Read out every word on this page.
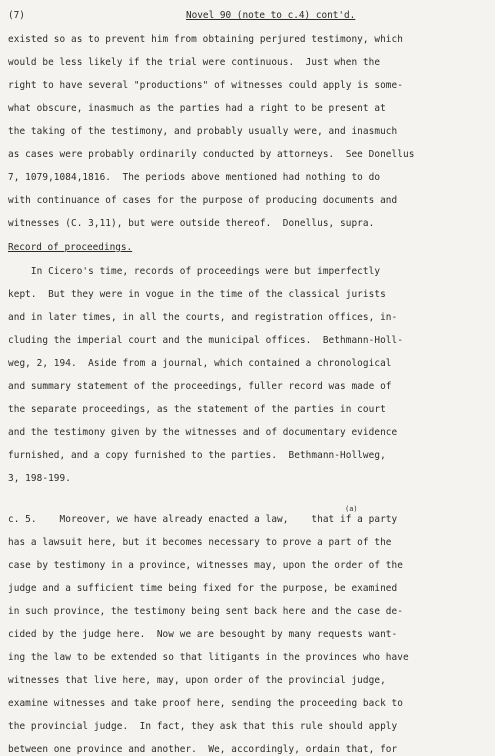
(7)	Novel 90 (note to c.4) cont'd.
existed so as to prevent him from obtaining perjured testimony, which
would be less likely if the trial were continuous.  Just when the
right to have several "productions" of witnesses could apply is some-
what obscure, inasmuch as the parties had a right to be present at
the taking of the testimony, and probably usually were, and inasmuch
as cases were probably ordinarily conducted by attorneys.  See Donellus
7, 1079,1084,1816.  The periods above mentioned had nothing to do
with continuance of cases for the purpose of producing documents and
witnesses (C. 3,11), but were outside thereof.  Donellus, supra.
Record of proceedings.
In Cicero's time, records of proceedings were but imperfectly
kept.  But they were in vogue in the time of the classical jurists
and in later times, in all the courts, and registration offices, in-
cluding the imperial court and the municipal offices.  Bethmann-Holl-
weg, 2, 194.  Aside from a journal, which contained a chronological
and summary statement of the proceedings, fuller record was made of
the separate proceedings, as the statement of the parties in court
and the testimony given by the witnesses and of documentary evidence
furnished, and a copy furnished to the parties.  Bethmann-Hollweg,
3, 198-199.
(a)
c. 5.    Moreover, we have already enacted a law,    that if a party
has a lawsuit here, but it becomes necessary to prove a part of the
case by testimony in a province, witnesses may, upon the order of the
judge and a sufficient time being fixed for the purpose, be examined
in such province, the testimony being sent back here and the case de-
cided by the judge here.  Now we are besought by many requests want-
ing the law to be extended so that litigants in the provinces who have
witnesses that live here, may, upon order of the provincial judge,
examine witnesses and take proof here, sending the proceeding back to
the provincial judge.  In fact, they ask that this rule should apply
between one province and another.  We, accordingly, ordain that, for
